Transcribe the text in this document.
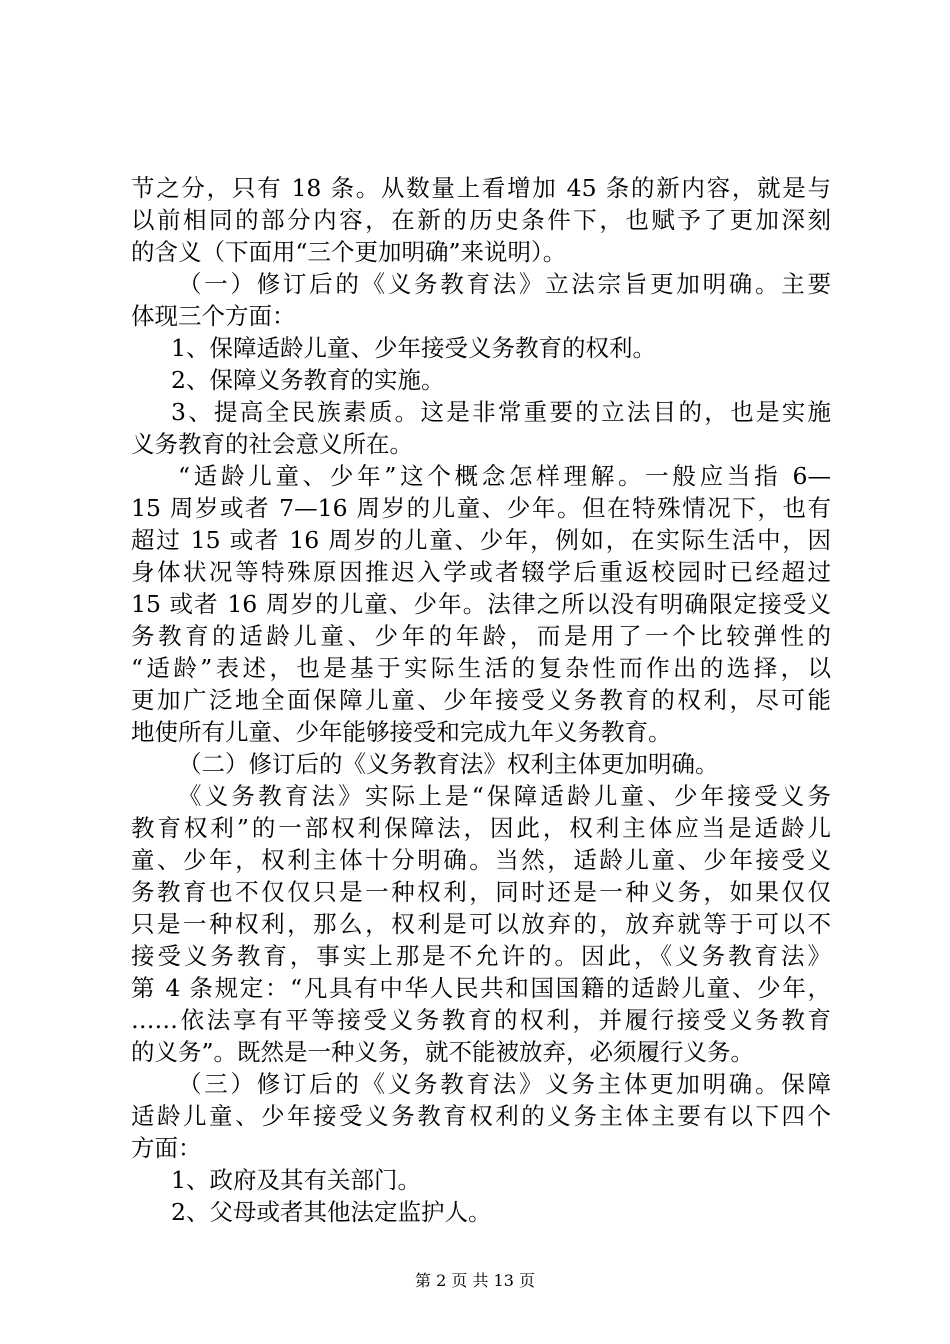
节之分，只有 18 条。从数量上看增加 45 条的新内容，就是与
以前相同的部分内容，在新的历史条件下，也赋予了更加深刻
的含义（下面用“三个更加明确”来说明）。
（一）修订后的《义务教育法》立法宗旨更加明确。主要
体现三个方面：
1、保障适龄儿童、少年接受义务教育的权利。
2、保障义务教育的实施。
3、提高全民族素质。这是非常重要的立法目的，也是实施
义务教育的社会意义所在。
“适龄儿童、少年”这个概念怎样理解。一般应当指 6—
15 周岁或者 7—16 周岁的儿童、少年。但在特殊情况下，也有
超过 15 或者 16 周岁的儿童、少年，例如，在实际生活中，因
身体状况等特殊原因推迟入学或者辍学后重返校园时已经超过
15 或者 16 周岁的儿童、少年。法律之所以没有明确限定接受义
务教育的适龄儿童、少年的年龄，而是用了一个比较弹性的
“适龄”表述，也是基于实际生活的复杂性而作出的选择，以
更加广泛地全面保障儿童、少年接受义务教育的权利，尽可能
地使所有儿童、少年能够接受和完成九年义务教育。
（二）修订后的《义务教育法》权利主体更加明确。
《义务教育法》实际上是“保障适龄儿童、少年接受义务
教育权利”的一部权利保障法，因此，权利主体应当是适龄儿
童、少年，权利主体十分明确。当然，适龄儿童、少年接受义
务教育也不仅仅只是一种权利，同时还是一种义务，如果仅仅
只是一种权利，那么，权利是可以放弃的，放弃就等于可以不
接受义务教育，事实上那是不允许的。因此，《义务教育法》
第 4 条规定：“凡具有中华人民共和国国籍的适龄儿童、少年，
……依法享有平等接受义务教育的权利，并履行接受义务教育
的义务”。既然是一种义务，就不能被放弃，必须履行义务。
（三）修订后的《义务教育法》义务主体更加明确。保障
适龄儿童、少年接受义务教育权利的义务主体主要有以下四个
方面：
1、政府及其有关部门。
2、父母或者其他法定监护人。
第 2 页 共 13 页
